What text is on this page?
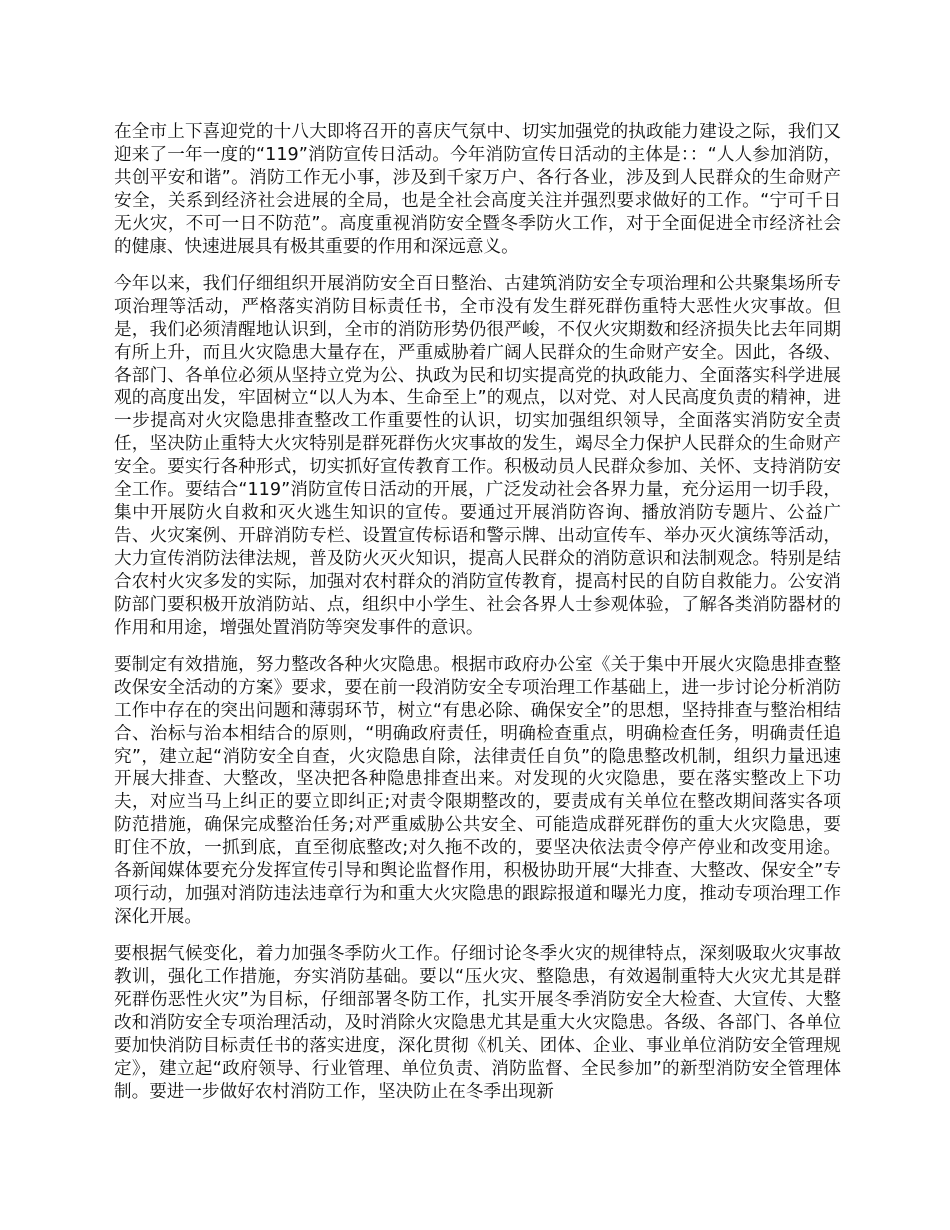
在全市上下喜迎党的十八大即将召开的喜庆气氛中、切实加强党的执政能力建设之际，我们又迎来了一年一度的“119”消防宣传日活动。今年消防宣传日活动的主体是：：“人人参加消防，共创平安和谐”。消防工作无小事，涉及到千家万户、各行各业，涉及到人民群众的生命财产安全，关系到经济社会进展的全局，也是全社会高度关注并强烈要求做好的工作。“宁可千日无火灾，不可一日不防范”。高度重视消防安全暨冬季防火工作，对于全面促进全市经济社会的健康、快速进展具有极其重要的作用和深远意义。

今年以来，我们仔细组织开展消防安全百日整治、古建筑消防安全专项治理和公共聚集场所专项治理等活动，严格落实消防目标责任书，全市没有发生群死群伤重特大恶性火灾事故。但是，我们必须清醒地认识到，全市的消防形势仍很严峻，不仅火灾期数和经济损失比去年同期有所上升，而且火灾隐患大量存在，严重威胁着广阔人民群众的生命财产安全。因此，各级、各部门、各单位必须从坚持立党为公、执政为民和切实提高党的执政能力、全面落实科学进展观的高度出发，牢固树立“以人为本、生命至上”的观点，以对党、对人民高度负责的精神，进一步提高对火灾隐患排查整改工作重要性的认识，切实加强组织领导，全面落实消防安全责任，坚决防止重特大火灾特别是群死群伤火灾事故的发生，竭尽全力保护人民群众的生命财产安全。要实行各种形式，切实抓好宣传教育工作。积极动员人民群众参加、关怀、支持消防安全工作。要结合“119”消防宣传日活动的开展，广泛发动社会各界力量，充分运用一切手段，集中开展防火自救和灭火逃生知识的宣传。要通过开展消防咨询、播放消防专题片、公益广告、火灾案例、开辟消防专栏、设置宣传标语和警示牌、出动宣传车、举办灭火演练等活动，大力宣传消防法律法规，普及防火灭火知识，提高人民群众的消防意识和法制观念。特别是结合农村火灾多发的实际，加强对农村群众的消防宣传教育，提高村民的自防自救能力。公安消防部门要积极开放消防站、点，组织中小学生、社会各界人士参观体验，了解各类消防器材的作用和用途，增强处置消防等突发事件的意识。

要制定有效措施，努力整改各种火灾隐患。根据市政府办公室《关于集中开展火灾隐患排查整改保安全活动的方案》要求，要在前一段消防安全专项治理工作基础上，进一步讨论分析消防工作中存在的突出问题和薄弱环节，树立“有患必除、确保安全”的思想，坚持排查与整治相结合、治标与治本相结合的原则，“明确政府责任，明确检查重点，明确检查任务，明确责任追究”，建立起“消防安全自查，火灾隐患自除，法律责任自负”的隐患整改机制，组织力量迅速开展大排查、大整改，坚决把各种隐患排查出来。对发现的火灾隐患，要在落实整改上下功夫，对应当马上纠正的要立即纠正;对责令限期整改的，要责成有关单位在整改期间落实各项防范措施，确保完成整治任务;对严重威胁公共安全、可能造成群死群伤的重大火灾隐患，要盯住不放，一抓到底，直至彻底整改;对久拖不改的，要坚决依法责令停产停业和改变用途。各新闻媒体要充分发挥宣传引导和舆论监督作用，积极协助开展“大排查、大整改、保安全”专项行动，加强对消防违法违章行为和重大火灾隐患的跟踪报道和曝光力度，推动专项治理工作深化开展。

要根据气候变化，着力加强冬季防火工作。仔细讨论冬季火灾的规律特点，深刻吸取火灾事故教训，强化工作措施，夯实消防基础。要以“压火灾、整隐患，有效遏制重特大火灾尤其是群死群伤恶性火灾”为目标，仔细部署冬防工作，扎实开展冬季消防安全大检查、大宣传、大整改和消防安全专项治理活动，及时消除火灾隐患尤其是重大火灾隐患。各级、各部门、各单位要加快消防目标责任书的落实进度，深化贯彻《机关、团体、企业、事业单位消防安全管理规定》，建立起“政府领导、行业管理、单位负责、消防监督、全民参加”的新型消防安全管理体制。要进一步做好农村消防工作，坚决防止在冬季出现新
